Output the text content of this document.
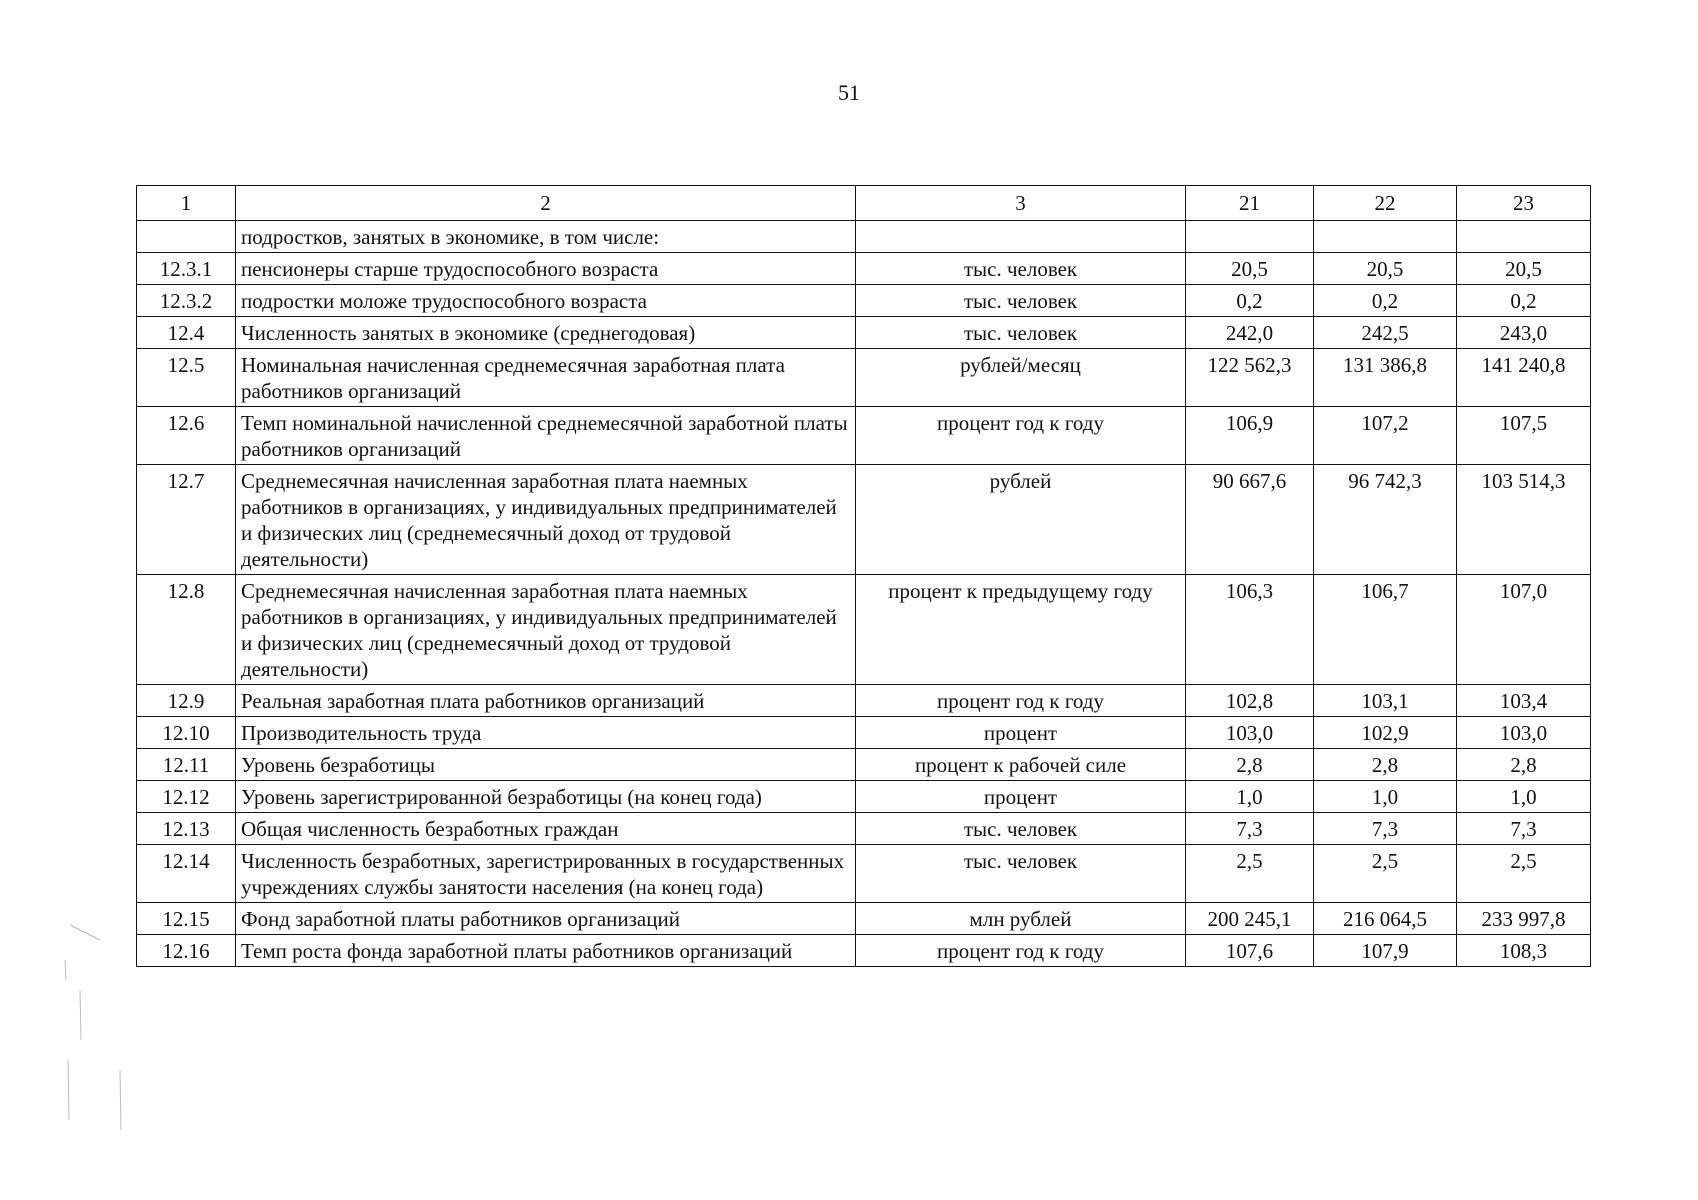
51
1	2	3	21	22	23
	подростков, занятых в экономике, в том числе:				
12.3.1	пенсионеры старше трудоспособного возраста	тыс. человек	20,5	20,5	20,5
12.3.2	подростки моложе трудоспособного возраста	тыс. человек	0,2	0,2	0,2
12.4	Численность занятых в экономике (среднегодовая)	тыс. человек	242,0	242,5	243,0
12.5	Номинальная начисленная среднемесячная заработная плата работников организаций	рублей/месяц	122 562,3	131 386,8	141 240,8
12.6	Темп номинальной начисленной среднемесячной заработной платы работников организаций	процент год к году	106,9	107,2	107,5
12.7	Среднемесячная начисленная заработная плата наемных работников в организациях, у индивидуальных предпринимателей и физических лиц (среднемесячный доход от трудовой деятельности)	рублей	90 667,6	96 742,3	103 514,3
12.8	Среднемесячная начисленная заработная плата наемных работников в организациях, у индивидуальных предпринимателей и физических лиц (среднемесячный доход от трудовой деятельности)	процент к предыдущему году	106,3	106,7	107,0
12.9	Реальная заработная плата работников организаций	процент год к году	102,8	103,1	103,4
12.10	Производительность труда	процент	103,0	102,9	103,0
12.11	Уровень безработицы	процент к рабочей силе	2,8	2,8	2,8
12.12	Уровень зарегистрированной безработицы (на конец года)	процент	1,0	1,0	1,0
12.13	Общая численность безработных граждан	тыс. человек	7,3	7,3	7,3
12.14	Численность безработных, зарегистрированных в государственных учреждениях службы занятости населения (на конец года)	тыс. человек	2,5	2,5	2,5
12.15	Фонд заработной платы работников организаций	млн рублей	200 245,1	216 064,5	233 997,8
12.16	Темп роста фонда заработной платы работников организаций	процент год к году	107,6	107,9	108,3
